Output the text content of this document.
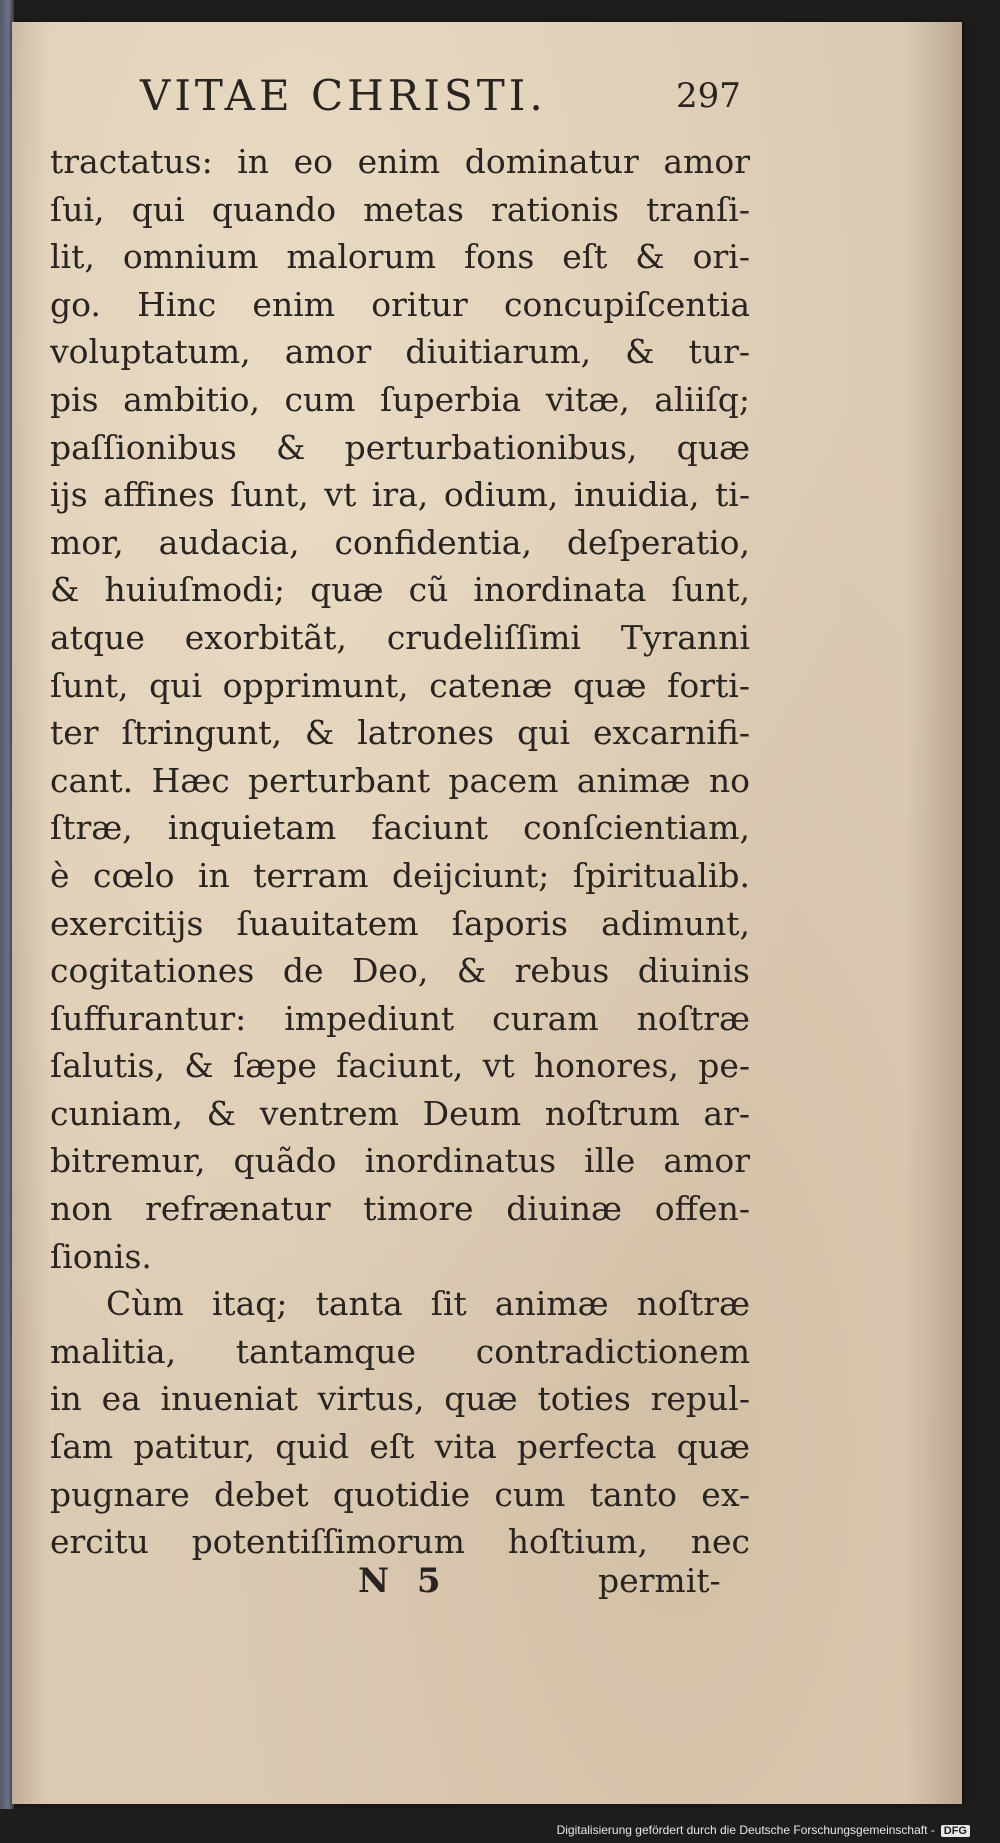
VITAE CHRISTI.	297
tractatus: in eo enim dominatur amor
ſui, qui quando metas rationis tranſi-
lit, omnium malorum fons eſt & ori-
go. Hinc enim oritur concupiſcentia
voluptatum, amor diuitiarum, & tur-
pis ambitio, cum ſuperbia vitæ, aliiſq;
paſſionibus & perturbationibus, quæ
ijs affines ſunt, vt ira, odium, inuidia, ti-
mor, audacia, confidentia, deſperatio,
& huiuſmodi; quæ cũ inordinata ſunt,
atque exorbitãt, crudeliſſimi Tyranni
ſunt, qui opprimunt, catenæ quæ forti-
ter ſtringunt, & latrones qui excarnifi-
cant. Hæc perturbant pacem animæ no
ſtræ, inquietam faciunt conſcientiam,
è cœlo in terram deijciunt; ſpiritualib.
exercitijs ſuauitatem ſaporis adimunt,
cogitationes de Deo, & rebus diuinis
ſuffurantur: impediunt curam noſtræ
ſalutis, & ſæpe faciunt, vt honores, pe-
cuniam, & ventrem Deum noſtrum ar-
bitremur, quãdo inordinatus ille amor
non refrænatur timore diuinæ offen-
ſionis.
Cùm itaq; tanta ſit animæ noſtræ
malitia, tantamque contradictionem
in ea inueniat virtus, quæ toties repul-
ſam patitur, quid eſt vita perfecta quæ
pugnare debet quotidie cum tanto ex-
ercitu potentiſſimorum hoſtium, nec
N 5	permit-
Digitalisierung gefördert durch die Deutsche Forschungsgemeinschaft - DFG
